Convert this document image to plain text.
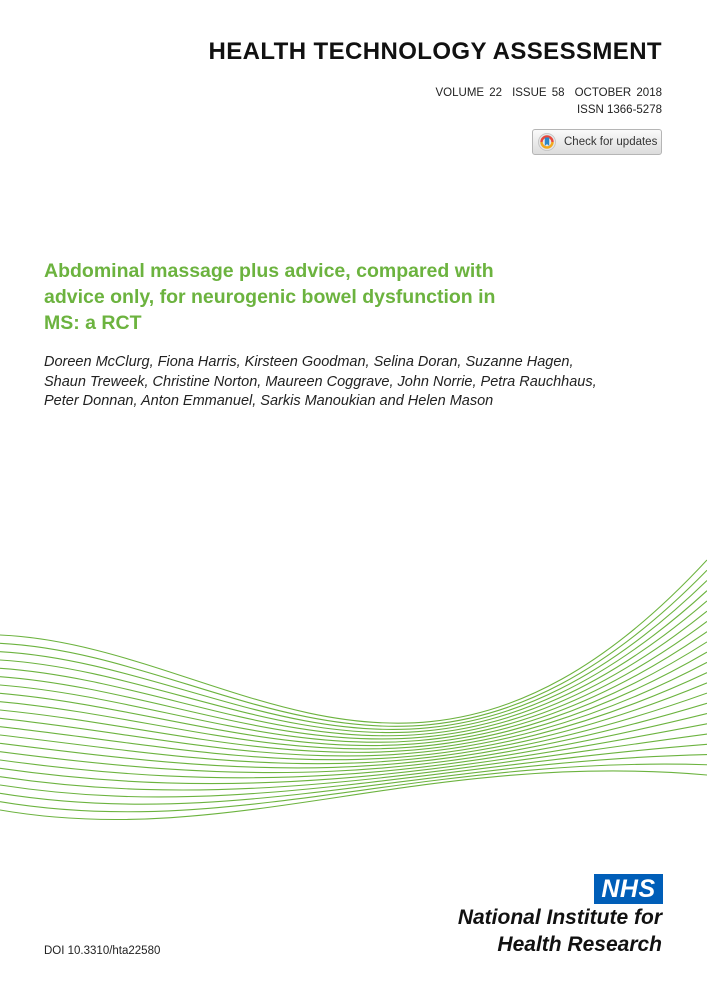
HEALTH TECHNOLOGY ASSESSMENT
VOLUME 22 ISSUE 58 OCTOBER 2018
ISSN 1366-5278
Check for updates
Abdominal massage plus advice, compared with advice only, for neurogenic bowel dysfunction in MS: a RCT

Doreen McClurg, Fiona Harris, Kirsteen Goodman, Selina Doran, Suzanne Hagen, Shaun Treweek, Christine Norton, Maureen Coggrave, John Norrie, Petra Rauchhaus, Peter Donnan, Anton Emmanuel, Sarkis Manoukian and Helen Mason

NHS
National Institute for
Health Research
DOI 10.3310/hta22580
